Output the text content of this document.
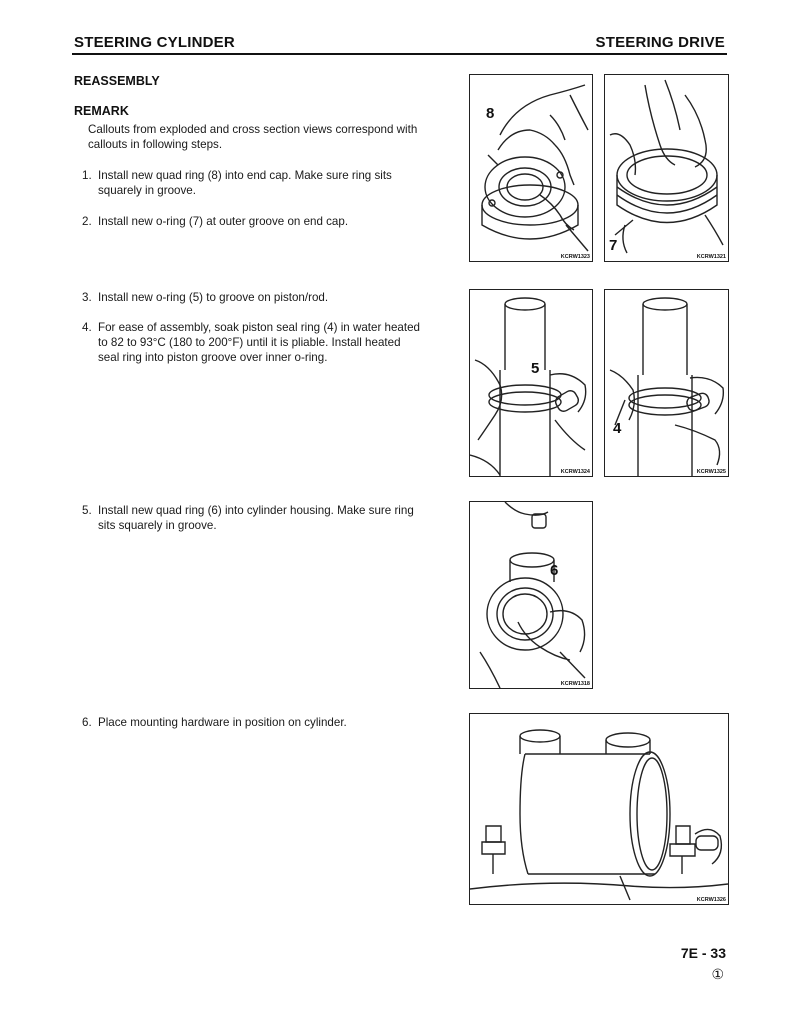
STEERING CYLINDER	STEERING DRIVE
REASSEMBLY
REMARK
Callouts from exploded and cross section views correspond with
callouts in following steps.
1. Install new quad ring (8) into end cap. Make sure ring sits
squarely in groove.
2. Install new o-ring (7) at outer groove on end cap.
3. Install new o-ring (5) to groove on piston/rod.
4. For ease of assembly, soak piston seal ring (4) in water heated
to 82 to 93°C (180 to 200°F) until it is pliable. Install heated
seal ring into piston groove over inner o-ring.
5. Install new quad ring (6) into cylinder housing. Make sure ring
sits squarely in groove.
6. Place mounting hardware in position on cylinder.
8
KCRW1323
7
KCRW1321
5
KCRW1324
4
KCRW1325
6
KCRW1318
KCRW1326
7E - 33
①
